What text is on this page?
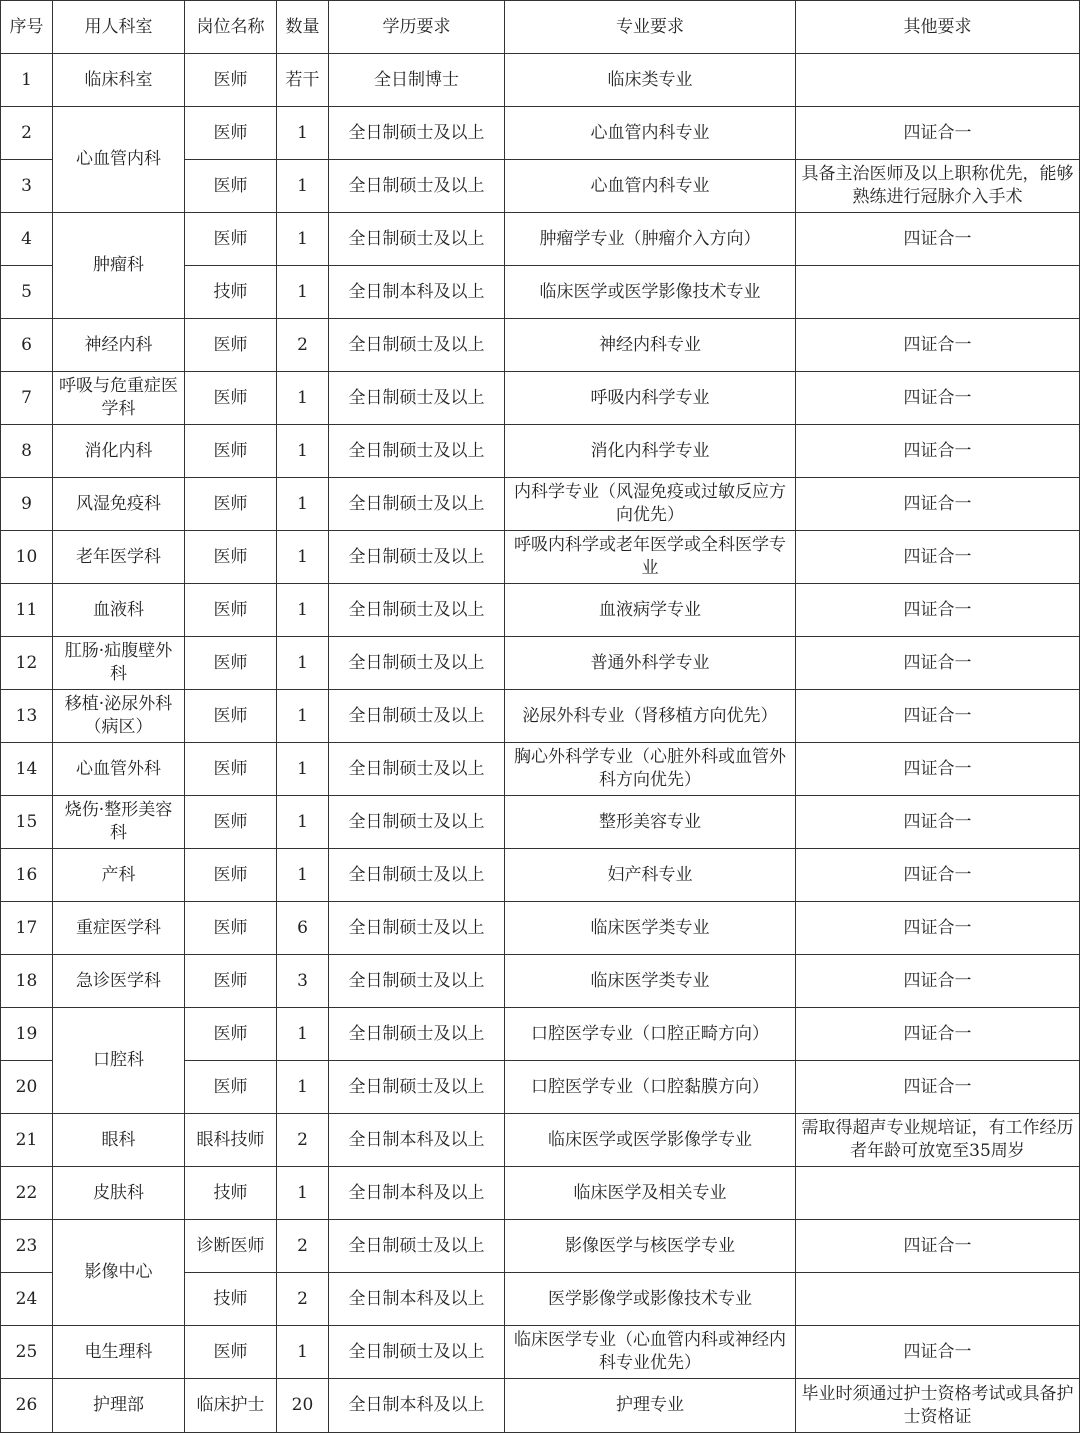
序号	用人科室	岗位名称	数量	学历要求	专业要求	其他要求
1	临床科室	医师	若干	全日制博士	临床类专业	
2	心血管内科	医师	1	全日制硕士及以上	心血管内科专业	四证合一
3		医师	1	全日制硕士及以上	心血管内科专业	具备主治医师及以上职称优先，能够熟练进行冠脉介入手术
4	肿瘤科	医师	1	全日制硕士及以上	肿瘤学专业（肿瘤介入方向）	四证合一
5		技师	1	全日制本科及以上	临床医学或医学影像技术专业	
6	神经内科	医师	2	全日制硕士及以上	神经内科专业	四证合一
7	呼吸与危重症医学科	医师	1	全日制硕士及以上	呼吸内科学专业	四证合一
8	消化内科	医师	1	全日制硕士及以上	消化内科学专业	四证合一
9	风湿免疫科	医师	1	全日制硕士及以上	内科学专业（风湿免疫或过敏反应方向优先）	四证合一
10	老年医学科	医师	1	全日制硕士及以上	呼吸内科学或老年医学或全科医学专业	四证合一
11	血液科	医师	1	全日制硕士及以上	血液病学专业	四证合一
12	肛肠·疝腹壁外科	医师	1	全日制硕士及以上	普通外科学专业	四证合一
13	移植·泌尿外科（病区）	医师	1	全日制硕士及以上	泌尿外科专业（肾移植方向优先）	四证合一
14	心血管外科	医师	1	全日制硕士及以上	胸心外科学专业（心脏外科或血管外科方向优先）	四证合一
15	烧伤·整形美容科	医师	1	全日制硕士及以上	整形美容专业	四证合一
16	产科	医师	1	全日制硕士及以上	妇产科专业	四证合一
17	重症医学科	医师	6	全日制硕士及以上	临床医学类专业	四证合一
18	急诊医学科	医师	3	全日制硕士及以上	临床医学类专业	四证合一
19	口腔科	医师	1	全日制硕士及以上	口腔医学专业（口腔正畸方向）	四证合一
20		医师	1	全日制硕士及以上	口腔医学专业（口腔黏膜方向）	四证合一
21	眼科	眼科技师	2	全日制本科及以上	临床医学或医学影像学专业	需取得超声专业规培证，有工作经历者年龄可放宽至35周岁
22	皮肤科	技师	1	全日制本科及以上	临床医学及相关专业	
23	影像中心	诊断医师	2	全日制硕士及以上	影像医学与核医学专业	四证合一
24		技师	2	全日制本科及以上	医学影像学或影像技术专业	
25	电生理科	医师	1	全日制硕士及以上	临床医学专业（心血管内科或神经内科专业优先）	四证合一
26	护理部	临床护士	20	全日制本科及以上	护理专业	毕业时须通过护士资格考试或具备护士资格证
